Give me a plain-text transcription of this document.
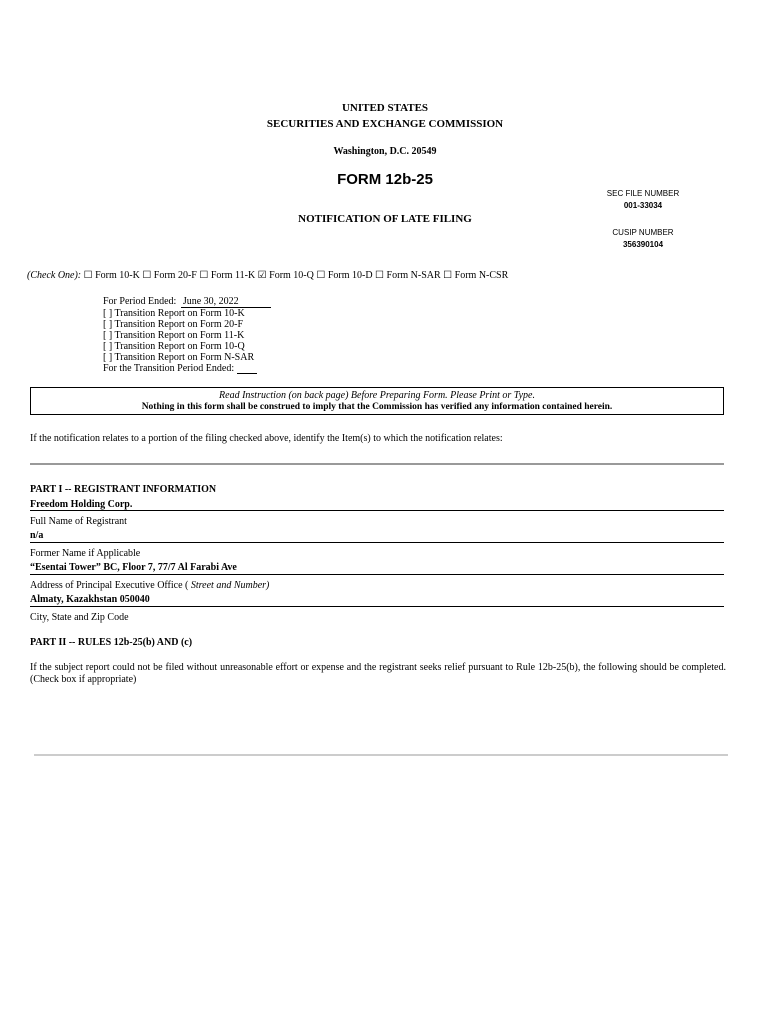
UNITED STATES
SECURITIES AND EXCHANGE COMMISSION
Washington, D.C. 20549
FORM 12b-25
NOTIFICATION OF LATE FILING
SEC FILE NUMBER
001-33034
CUSIP NUMBER
356390104
(Check One): ☐ Form 10-K ☐ Form 20-F ☐ Form 11-K ☑ Form 10-Q ☐ Form 10-D ☐ Form N-SAR ☐ Form N-CSR
For Period Ended: June 30, 2022
[ ] Transition Report on Form 10-K
[ ] Transition Report on Form 20-F
[ ] Transition Report on Form 11-K
[ ] Transition Report on Form 10-Q
[ ] Transition Report on Form N-SAR
For the Transition Period Ended:
Read Instruction (on back page) Before Preparing Form. Please Print or Type.
Nothing in this form shall be construed to imply that the Commission has verified any information contained herein.
If the notification relates to a portion of the filing checked above, identify the Item(s) to which the notification relates:
PART I -- REGISTRANT INFORMATION
Freedom Holding Corp.
Full Name of Registrant
n/a
Former Name if Applicable
“Esentai Tower” BC, Floor 7, 77/7 Al Farabi Ave
Address of Principal Executive Office ( Street and Number)
Almaty, Kazakhstan 050040
City, State and Zip Code
PART II -- RULES 12b-25(b) AND (c)
If the subject report could not be filed without unreasonable effort or expense and the registrant seeks relief pursuant to Rule 12b-25(b), the following should be completed. (Check box if appropriate)
